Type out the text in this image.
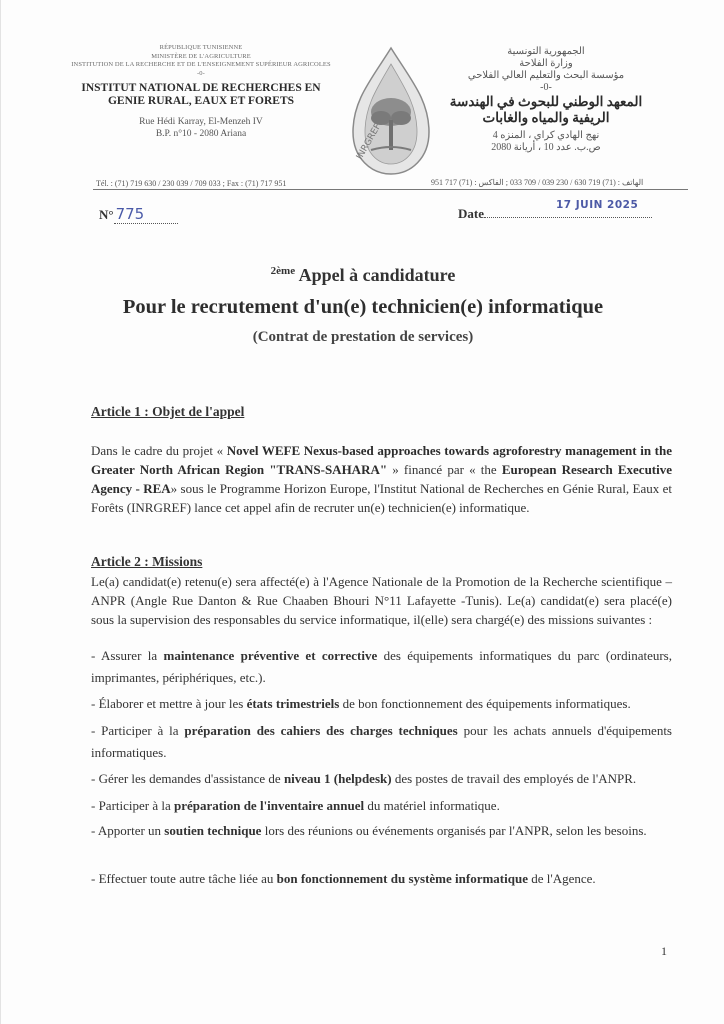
RÉPUBLIQUE TUNISIENNE
MINISTÈRE DE L'AGRICULTURE
INSTITUTION DE LA RECHERCHE ET DE L'ENSEIGNEMENT SUPÉRIEUR AGRICOLES
-0-
INSTITUT NATIONAL DE RECHERCHES EN GENIE RURAL, EAUX ET FORETS
Rue Hédi Karray, El-Menzeh IV
B.P. n°10 - 2080 Ariana
Tél. : (71) 719 630 / 230 039 / 709 033 ; Fax : (71) 717 951
INRGREF
الجمهورية التونسية
وزارة الفلاحة
مؤسسة البحث والتعليم العالي الفلاحي
-0-
المعهد الوطني للبحوث في الهندسة
الريفية والمياه والغابات
نهج الهادي كراي ، المنزه 4
ص.ب. عدد 10 ، أريانة 2080
الهاتف : (71) 719 630 / 230 039 / 709 033 ; الفاكس : (71) 717 951
N° 775	Date
17 JUIN 2025
$^{2ème}$ Appel à candidature
Pour le recrutement d'un(e) technicien(e) informatique
(Contrat de prestation de services)
Article 1 : Objet de l'appel
Dans le cadre du projet « Novel WEFE Nexus-based approaches towards agroforestry management in the Greater North African Region "TRANS-SAHARA" » financé par « the European Research Executive Agency - REA» sous le Programme Horizon Europe, l'Institut National de Recherches en Génie Rural, Eaux et Forêts (INRGREF) lance cet appel afin de recruter un(e) technicien(e) informatique.
Article 2 : Missions
Le(a) candidat(e) retenu(e) sera affecté(e) à l'Agence Nationale de la Promotion de la Recherche scientifique – ANPR (Angle Rue Danton & Rue Chaaben Bhouri N°11 Lafayette -Tunis). Le(a) candidat(e) sera placé(e) sous la supervision des responsables du service informatique, il(elle) sera chargé(e) des missions suivantes :
- Assurer la maintenance préventive et corrective des équipements informatiques du parc (ordinateurs, imprimantes, périphériques, etc.).
- Élaborer et mettre à jour les états trimestriels de bon fonctionnement des équipements informatiques.
- Participer à la préparation des cahiers des charges techniques pour les achats annuels d'équipements informatiques.
- Gérer les demandes d'assistance de niveau 1 (helpdesk) des postes de travail des employés de l'ANPR.
- Participer à la préparation de l'inventaire annuel du matériel informatique.
- Apporter un soutien technique lors des réunions ou événements organisés par l'ANPR, selon les besoins.
- Effectuer toute autre tâche liée au bon fonctionnement du système informatique de l'Agence.
1
